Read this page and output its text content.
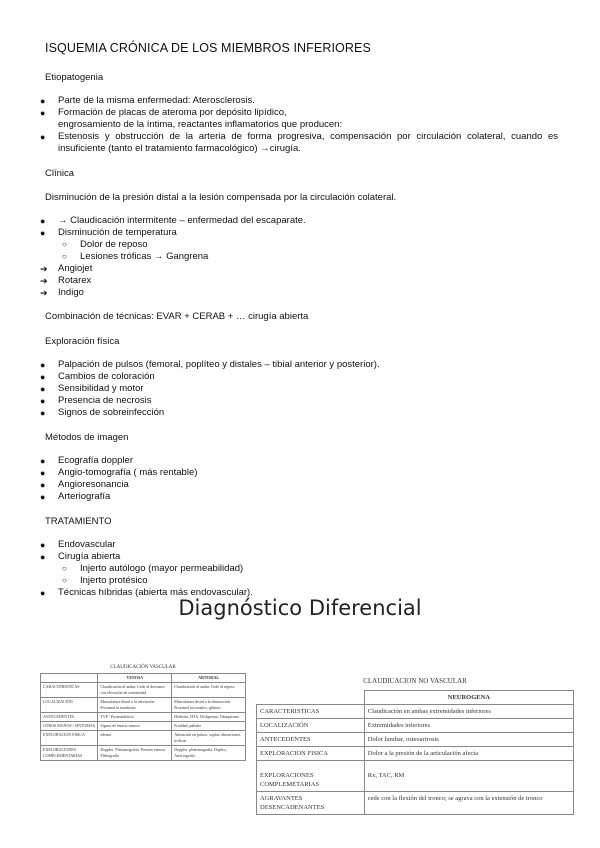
ISQUEMIA CRÓNICA DE LOS MIEMBROS INFERIORES
Etiopatogenia
● Parte de la misma enfermedad: Aterosclerosis.
● Formación de placas de ateroma por depósito lipídico, engrosamiento de la íntima, reactantes inflamatorios que producen:
● Estenosis y obstrucción de la arteria de forma progresiva, compensación por circulación colateral, cuando es insuficiente (tanto el tratamiento farmacológico) →cirugía.
Clínica
Disminución de la presión distal a la lesión compensada por la circulación colateral.
● → Claudicación intermitente – enfermedad del escaparate.
● Disminución de temperatura
○ Dolor de reposo
○ Lesiones tróficas → Gangrena
➔ Angiojet
➔ Rotarex
➔ Indigo
Combinación de técnicas: EVAR + CERAB + … cirugía abierta
Exploración física
● Palpación de pulsos (femoral, poplíteo y distales – tibial anterior y posterior).
● Cambios de coloración
● Sensibilidad y motor
● Presencia de necrosis
● Signos de sobreinfección
Métodos de imagen
● Ecografía doppler
● Angio-tomografía ( más rentable)
● Angioresonancia
● Arteriografía
TRATAMIENTO
● Endovascular
● Cirugía abierta
○ Injerto autólogo (mayor permeabilidad)
○ Injerto protésico
● Técnicas híbridas (abierta más endovascular).
Diagnóstico Diferencial
CLAUDICACIÓN VASCULAR
	VENOSA	ARTERIAL
CARACTERISTICAS	Claudicación al andar. Cede al descanso con elevación de extremidad	Claudicación al andar. Cede al reposo
LOCALIZACIÓN	Musculatura distal o la afectación. Proximal la trombosis	Musculatura distal a la obstrucción. Proximal los muslos, glúteos
ANTECEDENTES	TVP / Postrombótico	Diabetes, HTA, Dislipemia, Tabaquismo
OTROS SIGNOS / SINTOMAS	Signos de éstasis venoso	Frialdad, palidez
EXPLORACION FISICA	edema	Alteración en pulsos, soplos, alteraciones tróficas
EXPLORACIONES COMPLEMENTARIAS	Doppler. Pletismografía. Presión venosa. Flebografía	Doppler. pletismografía, Duplex, Arteriografía
CLAUDICACION NO VASCULAR
	NEUROGENA
CARACTERISTICAS	Claudicación en ambas extremidades inferiores
LOCALIZACIÓN	Extremidades inferiores
ANTECEDENTES	Dolor lumbar, osteoartrosis
EXPLORACION FISICA	Dolor a la presión de la articulación afecta
EXPLORACIONES COMPLEMETARIAS	Rx, TAC, RM
AGRAVANTES DESENCADENANTES	cede con la flexión del tronco; se agrava con la extensión de tronco
